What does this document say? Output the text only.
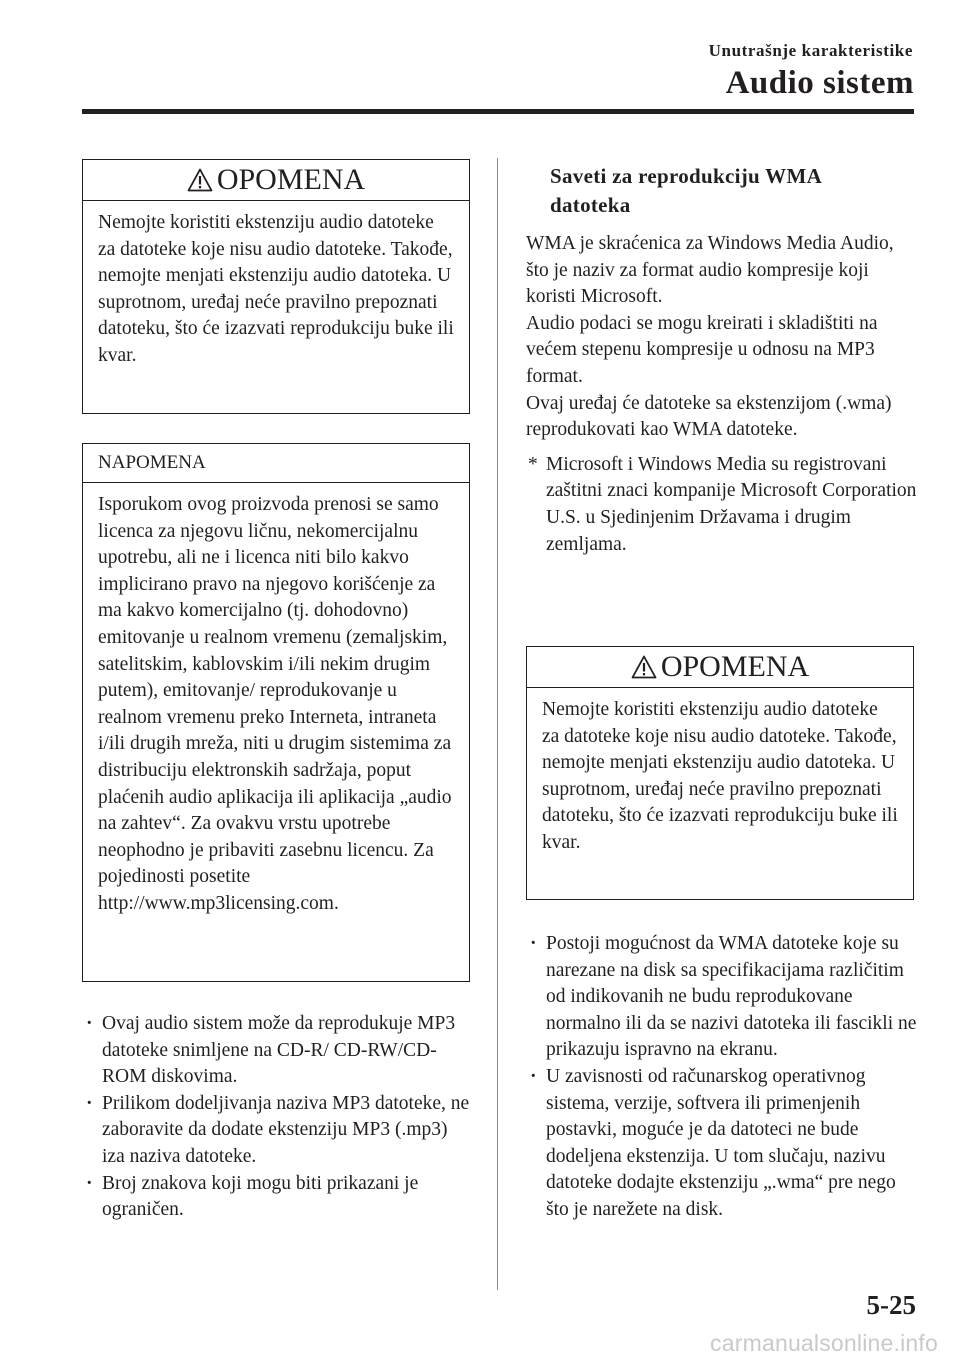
Unutrašnje karakteristike
Audio sistem
OPOMENA

Nemojte koristiti ekstenziju audio datoteke za datoteke koje nisu audio datoteke. Takođe, nemojte menjati ekstenziju audio datoteka. U suprotnom, uređaj neće pravilno prepoznati datoteku, što će izazvati reprodukciju buke ili kvar.

NAPOMENA

Isporukom ovog proizvoda prenosi se samo licenca za njegovu ličnu, nekomercijalnu upotrebu, ali ne i licenca niti bilo kakvo implicirano pravo na njegovo korišćenje za ma kakvo komercijalno (tj. dohodovno) emitovanje u realnom vremenu (zemaljskim, satelitskim, kablovskim i/ili nekim drugim putem), emitovanje/ reprodukovanje u realnom vremenu preko Interneta, intraneta i/ili drugih mreža, niti u drugim sistemima za distribuciju elektronskih sadržaja, poput plaćenih audio aplikacija ili aplikacija „audio na zahtev“. Za ovakvu vrstu upotrebe neophodno je pribaviti zasebnu licencu. Za pojedinosti posetite http://www.mp3licensing.com.

· Ovaj audio sistem može da reprodukuje MP3 datoteke snimljene na CD-R/ CD-RW/CD-ROM diskovima.
· Prilikom dodeljivanja naziva MP3 datoteke, ne zaboravite da dodate ekstenziju MP3 (.mp3) iza naziva datoteke.
· Broj znakova koji mogu biti prikazani je ograničen.
Saveti za reprodukciju WMA datoteka

WMA je skraćenica za Windows Media Audio, što je naziv za format audio kompresije koji koristi Microsoft.

Audio podaci se mogu kreirati i skladištiti na većem stepenu kompresije u odnosu na MP3 format.

Ovaj uređaj će datoteke sa ekstenzijom (.wma) reprodukovati kao WMA datoteke.

* Microsoft i Windows Media su registrovani zaštitni znaci kompanije Microsoft Corporation U.S. u Sjedinjenim Državama i drugim zemljama.
OPOMENA

Nemojte koristiti ekstenziju audio datoteke za datoteke koje nisu audio datoteke. Takođe, nemojte menjati ekstenziju audio datoteka. U suprotnom, uređaj neće pravilno prepoznati datoteku, što će izazvati reprodukciju buke ili kvar.

· Postoji mogućnost da WMA datoteke koje su narezane na disk sa specifikacijama različitim od indikovanih ne budu reprodukovane normalno ili da se nazivi datoteka ili fascikli ne prikazuju ispravno na ekranu.
· U zavisnosti od računarskog operativnog sistema, verzije, softvera ili primenjenih postavki, moguće je da datoteci ne bude dodeljena ekstenzija. U tom slučaju, nazivu datoteke dodajte ekstenziju „.wma“ pre nego što je narežete na disk.
5-25
carmanualsonline.info
